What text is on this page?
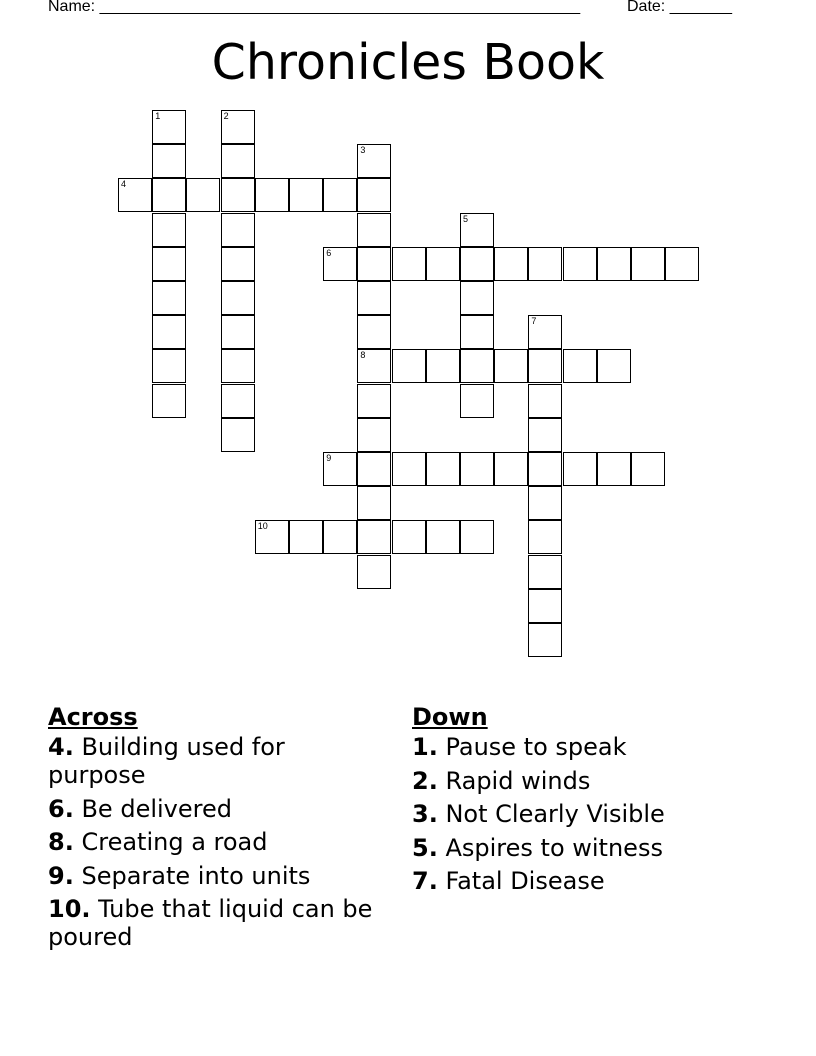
Name: ______________________________________________________	Date: _______
Chronicles Book
1	2
3
8
4
5
6
7
9
10
Across
4. Building used for purpose
6. Be delivered
8. Creating a road
9. Separate into units
10. Tube that liquid can be poured
Down
1. Pause to speak
2. Rapid winds
3. Not Clearly Visible
5. Aspires to witness
7. Fatal Disease
